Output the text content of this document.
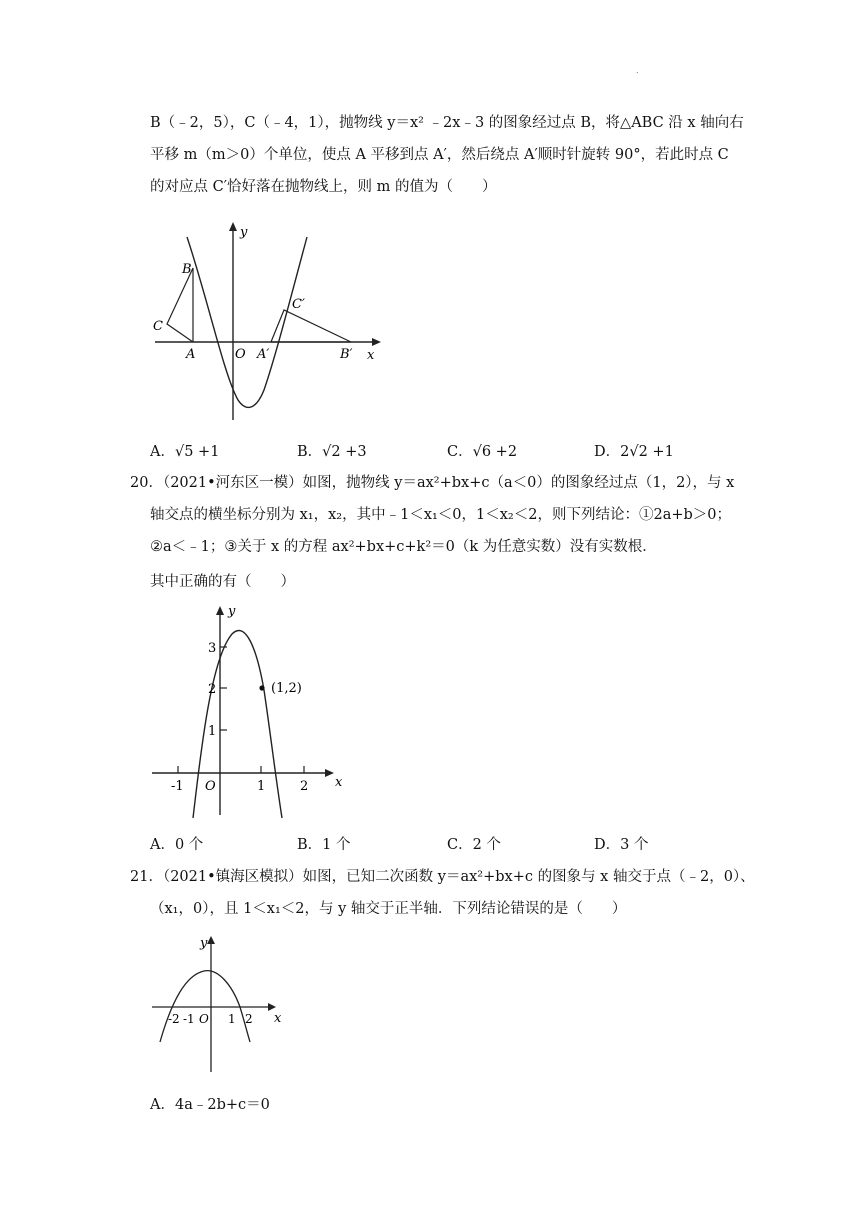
.
B（﹣2，5），C（﹣4，1），抛物线 y＝x² ﹣2x﹣3 的图象经过点 B，将△ABC 沿 x 轴向右
平移 m（m＞0）个单位，使点 A 平移到点 A′，然后绕点 A′顺时针旋转 90°，若此时点 C
的对应点 C′恰好落在抛物线上，则 m 的值为（　　）
y
x
B
C
A	O A′
C′
B′
A．√5 +1	B．√2 +3	C．√6 +2	D．2√2 +1
20．（2021•河东区一模）如图，抛物线 y＝ax²+bx+c（a＜0）的图象经过点（1，2），与 x
轴交点的横坐标分别为 x₁，x₂，其中﹣1＜x₁＜0，1＜x₂＜2，则下列结论：①2a+b＞0；
②a＜﹣1；③关于 x 的方程 ax²+bx+c+k²＝0（k 为任意实数）没有实数根．
其中正确的有（　　）
y
x
3
2
1
-1 O	1	2
(1,2)
A．0 个	B．1 个	C．2 个	D．3 个
21．（2021•镇海区模拟）如图，已知二次函数 y＝ax²+bx+c 的图象与 x 轴交于点（﹣2，0）、
（x₁，0），且 1＜x₁＜2，与 y 轴交于正半轴．下列结论错误的是（　　）
y
x
-2 -1 O 1 2
A．4a﹣2b+c＝0
